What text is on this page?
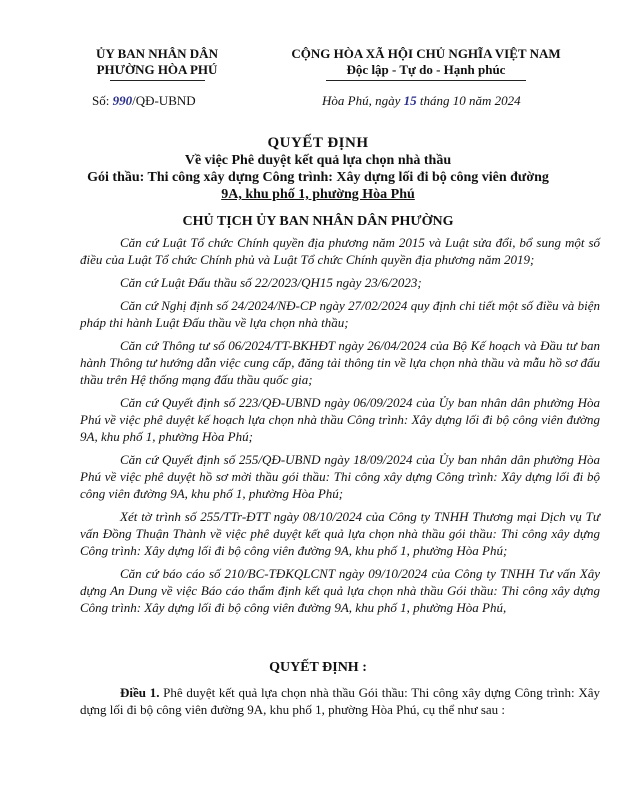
ỦY BAN NHÂN DÂN
PHƯỜNG HÒA PHÚ
CỘNG HÒA XÃ HỘI CHỦ NGHĨA VIỆT NAM
Độc lập - Tự do - Hạnh phúc
Số: 990/QĐ-UBND	Hòa Phú, ngày 15 tháng 10 năm 2024
QUYẾT ĐỊNH
Về việc Phê duyệt kết quả lựa chọn nhà thầu
Gói thầu: Thi công xây dựng Công trình: Xây dựng lối đi bộ công viên đường
9A, khu phố 1, phường Hòa Phú
CHỦ TỊCH ỦY BAN NHÂN DÂN PHƯỜNG

Căn cứ Luật Tổ chức Chính quyền địa phương năm 2015 và Luật sửa đổi, bổ sung một số điều của Luật Tổ chức Chính phủ và Luật Tổ chức Chính quyền địa phương năm 2019;

Căn cứ Luật Đấu thầu số 22/2023/QH15 ngày 23/6/2023;

Căn cứ Nghị định số 24/2024/NĐ-CP ngày 27/02/2024 quy định chi tiết một số điều và biện pháp thi hành Luật Đấu thầu về lựa chọn nhà thầu;

Căn cứ Thông tư số 06/2024/TT-BKHĐT ngày 26/04/2024 của Bộ Kế hoạch và Đầu tư ban hành Thông tư hướng dẫn việc cung cấp, đăng tải thông tin về lựa chọn nhà thầu và mẫu hồ sơ đấu thầu trên Hệ thống mạng đấu thầu quốc gia;

Căn cứ Quyết định số 223/QĐ-UBND ngày 06/09/2024 của Ủy ban nhân dân phường Hòa Phú về việc phê duyệt kế hoạch lựa chọn nhà thầu Công trình: Xây dựng lối đi bộ công viên đường 9A, khu phố 1, phường Hòa Phú;

Căn cứ Quyết định số 255/QĐ-UBND ngày 18/09/2024 của Ủy ban nhân dân phường Hòa Phú về việc phê duyệt hồ sơ mời thầu gói thầu: Thi công xây dựng Công trình: Xây dựng lối đi bộ công viên đường 9A, khu phố 1, phường Hòa Phú;

Xét tờ trình số 255/TTr-ĐTT ngày 08/10/2024 của Công ty TNHH Thương mại Dịch vụ Tư vấn Đồng Thuận Thành về việc phê duyệt kết quả lựa chọn nhà thầu gói thầu: Thi công xây dựng Công trình: Xây dựng lối đi bộ công viên đường 9A, khu phố 1, phường Hòa Phú;

Căn cứ báo cáo số 210/BC-TĐKQLCNT ngày 09/10/2024 của Công ty TNHH Tư vấn Xây dựng An Dung về việc Báo cáo thẩm định kết quả lựa chọn nhà thầu Gói thầu: Thi công xây dựng Công trình: Xây dựng lối đi bộ công viên đường 9A, khu phố 1, phường Hòa Phú,

QUYẾT ĐỊNH :

Điều 1. Phê duyệt kết quả lựa chọn nhà thầu Gói thầu: Thi công xây dựng Công trình: Xây dựng lối đi bộ công viên đường 9A, khu phố 1, phường Hòa Phú, cụ thể như sau :
